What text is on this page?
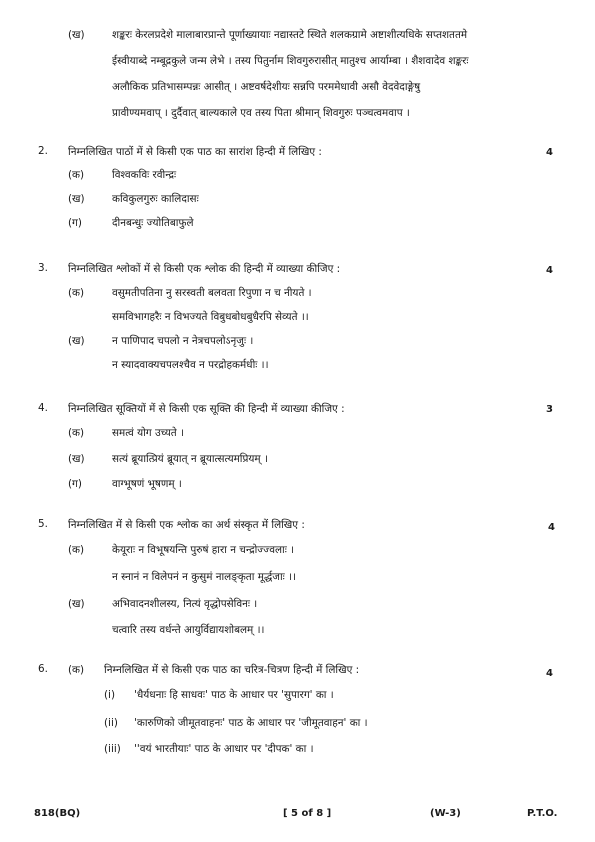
(ख)	शङ्करः केरलप्रदेशे मालाबारप्रान्ते पूर्णाख्यायाः नद्यास्तटे स्थिते शलकग्रामे अष्टाशीत्यधिके सप्तशततमे
ईस्वीयाब्दे नम्बूद्रकुले जन्म लेभे । तस्य पितुर्नाम शिवगुरुरासीत् मातुश्च आर्याम्बा । शैशवादेव शङ्करः
अलौकिक प्रतिभासम्पन्नः आसीत् । अष्टवर्षदेशीयः सन्नपि परममेधावी असौ वेदवेदाङ्गेषु
प्रावीण्यमवाप् । दुर्दैवात् बाल्यकाले एव तस्य पिता श्रीमान् शिवगुरुः पञ्चत्वमवाप ।
2. निम्नलिखित पाठों में से किसी एक पाठ का सारांश हिन्दी में लिखिए :	4
(क)	विश्वकविः रवीन्द्रः
(ख)	कविकुलगुरुः कालिदासः
(ग)	दीनबन्धुः ज्योतिबाफुले
3. निम्नलिखित श्लोकों में से किसी एक श्लोक की हिन्दी में व्याख्या कीजिए :	4
(क)	वसुमतीपतिना नु सरस्वती बलवता रिपुणा न च नीयते ।
समविभागहरैः न विभज्यते विबुधबोधबुधैरपि सेव्यते ।।
(ख)	न पाणिपाद चपलो न नेत्रचपलोऽनृजुः ।
न स्यादवाक्यचपलश्चैव न परद्रोहकर्मधीः ।।
4. निम्नलिखित सूक्तियों में से किसी एक सूक्ति की हिन्दी में व्याख्या कीजिए :	3
(क)	समत्वं योग उच्यते ।
(ख)	सत्यं ब्रूयात्प्रियं ब्रूयात् न ब्रूयात्सत्यमप्रियम् ।
(ग)	वाग्भूषणं भूषणम् ।
5. निम्नलिखित में से किसी एक श्लोक का अर्थ संस्कृत में लिखिए :	4
(क)	केयूराः न विभूषयन्ति पुरुषं हारा न चन्द्रोज्ज्वलाः ।
न स्नानं न विलेपनं न कुसुमं नालङ्कृता मूर्द्धजाः ।।
(ख)	अभिवादनशीलस्य, नित्यं वृद्धोपसेविनः ।
चत्वारि तस्य वर्धन्ते आयुर्विद्यायशोबलम् ।।
6. (क) निम्नलिखित में से किसी एक पाठ का चरित्र-चित्रण हिन्दी में लिखिए :	4
(i) 'धैर्यधनाः हि साधवः' पाठ के आधार पर 'सुपारग' का ।
(ii) 'कारुणिको जीमूतवाहनः' पाठ के आधार पर 'जीमूतवाहन' का ।
(iii) ''वयं भारतीयाः' पाठ के आधार पर 'दीपक' का ।
818(BQ)	[ 5 of 8 ]	(W-3)	P.T.O.
